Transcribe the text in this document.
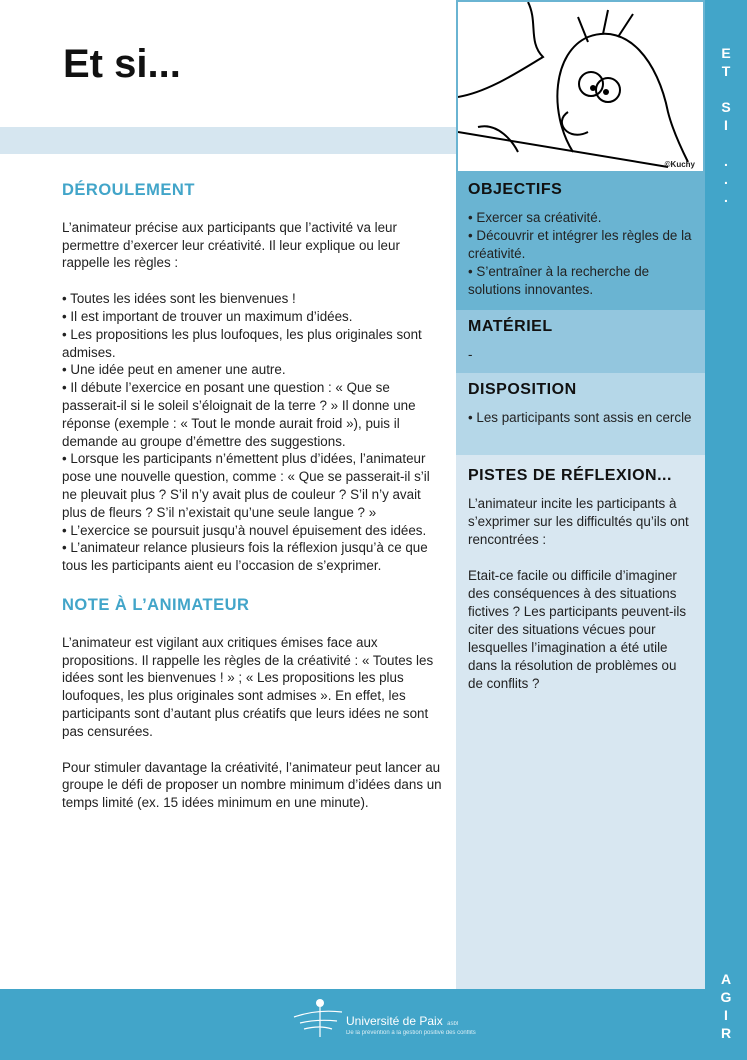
Et si...
DÉROULEMENT

L’animateur précise aux participants que l’activité va leur permettre d’exercer leur créativité. Il leur explique ou leur rappelle les règles :

• Toutes les idées sont les bienvenues !
• Il est important de trouver un maximum d’idées.
• Les propositions les plus loufoques, les plus originales sont admises.
• Une idée peut en amener une autre.
• Il débute l’exercice en posant une question : « Que se passerait-il si le soleil s’éloignait de la terre ? » Il donne une réponse (exemple : « Tout le monde aurait froid »), puis il demande au groupe d’émettre des suggestions.
• Lorsque les participants n’émettent plus d’idées, l’animateur pose une nouvelle question, comme : « Que se passerait-il s’il ne pleuvait plus ? S’il n’y avait plus de couleur ? S’il n’y avait plus de fleurs ? S’il n’existait qu’une seule langue ? »
• L’exercice se poursuit jusqu’à nouvel épuisement des idées.
• L’animateur relance plusieurs fois la réflexion jusqu’à ce que tous les participants aient eu l’occasion de s’exprimer.
NOTE À L’ANIMATEUR

L’animateur est vigilant aux critiques émises face aux propositions. Il rappelle les règles de la créativité : « Toutes les idées sont les bienvenues ! » ; « Les propositions les plus loufoques, les plus originales sont admises ». En effet, les participants sont d’autant plus créatifs que leurs idées ne sont pas censurées.

Pour stimuler davantage la créativité, l’animateur peut lancer au groupe le défi de proposer un nombre minimum d’idées dans un temps limité (ex. 15 idées minimum en une minute).

©Kuchy
OBJECTIFS
• Exercer sa créativité.
• Découvrir et intégrer les règles de la créativité.
• S’entraîner à la recherche de solutions innovantes.
MATÉRIEL
-
DISPOSITION
• Les participants sont assis en cercle
PISTES DE RÉFLEXION...

L’animateur incite les participants à s’exprimer sur les difficultés qu’ils ont rencontrées :

Etait-ce facile ou difficile d’imaginer des conséquences à des situations fictives ? Les participants peuvent-ils citer des situations vécues pour lesquelles l’imagination a été utile dans la résolution de problèmes ou de conflits ?

E
T

S
I

.
.
.
A
G
I
R
Université de Paix asbl
De la prévention à la gestion positive des conflits
